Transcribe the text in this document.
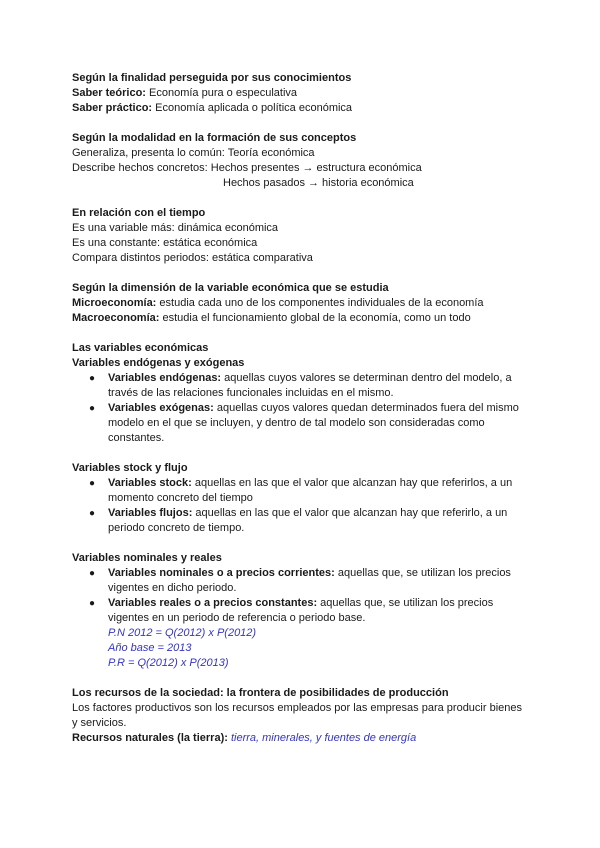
Según la finalidad perseguida por sus conocimientos
Saber teórico: Economía pura o especulativa
Saber práctico: Economía aplicada o política económica
Según la modalidad en la formación de sus conceptos
Generaliza, presenta lo común: Teoría económica
Describe hechos concretos: Hechos presentes → estructura económica
Hechos pasados → historia económica
En relación con el tiempo
Es una variable más: dinámica económica
Es una constante: estática económica
Compara distintos periodos: estática comparativa
Según la dimensión de la variable económica que se estudia
Microeconomía: estudia cada uno de los componentes individuales de la economía
Macroeconomía: estudia el funcionamiento global de la economía, como un todo
Las variables económicas
Variables endógenas y exógenas
● Variables endógenas: aquellas cuyos valores se determinan dentro del modelo, a
través de las relaciones funcionales incluidas en el mismo.
● Variables exógenas: aquellas cuyos valores quedan determinados fuera del mismo
modelo en el que se incluyen, y dentro de tal modelo son consideradas como
constantes.
Variables stock y flujo
● Variables stock: aquellas en las que el valor que alcanzan hay que referirlos, a un
momento concreto del tiempo
● Variables flujos: aquellas en las que el valor que alcanzan hay que referirlo, a un
periodo concreto de tiempo.
Variables nominales y reales
● Variables nominales o a precios corrientes: aquellas que, se utilizan los precios
vigentes en dicho periodo.
● Variables reales o a precios constantes: aquellas que, se utilizan los precios
vigentes en un periodo de referencia o periodo base.
P.N 2012 = Q(2012) x P(2012)
Año base = 2013
P.R = Q(2012) x P(2013)
Los recursos de la sociedad: la frontera de posibilidades de producción
Los factores productivos son los recursos empleados por las empresas para producir bienes
y servicios.
Recursos naturales (la tierra): tierra, minerales, y fuentes de energía
